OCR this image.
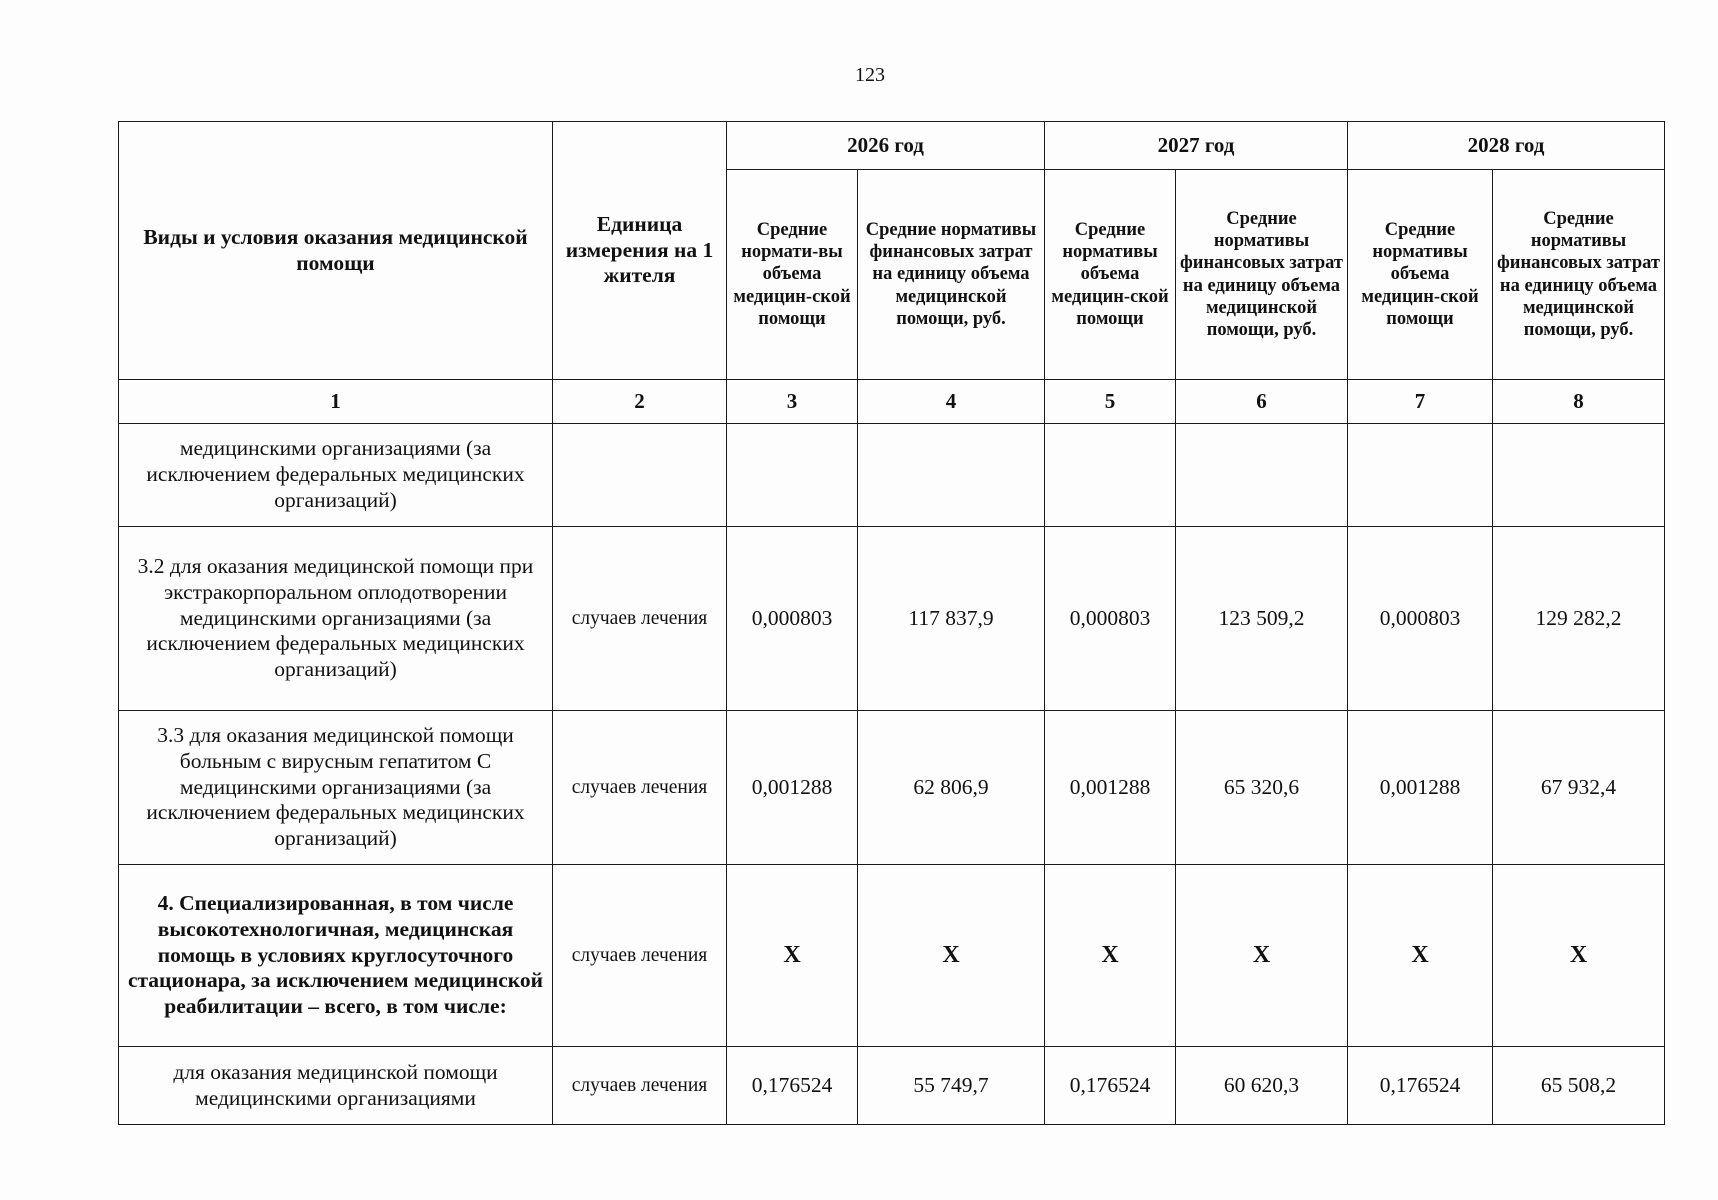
123
Виды и условия оказания медицинской помощи	Единица измерения на 1 жителя	2026 год		2027 год		2028 год	
		Средние нормати-вы объема медицин-ской помощи	Средние нормативы финансовых затрат на единицу объема медицинской помощи, руб.	Средние нормативы объема медицин-ской помощи	Средние нормативы финансовых затрат на единицу объема медицинской помощи, руб.	Средние нормативы объема медицин-ской помощи	Средние нормативы финансовых затрат на единицу объема медицинской помощи, руб.
1	2	3	4	5	6	7	8
медицинскими организациями (за исключением федеральных медицинских организаций)							
3.2 для оказания медицинской помощи при экстракорпоральном оплодотворении медицинскими организациями (за исключением федеральных медицинских организаций)	случаев лечения	0,000803	117 837,9	0,000803	123 509,2	0,000803	129 282,2
3.3 для оказания медицинской помощи больным с вирусным гепатитом С медицинскими организациями (за исключением федеральных медицинских организаций)	случаев лечения	0,001288	62 806,9	0,001288	65 320,6	0,001288	67 932,4
4. Специализированная, в том числе высокотехнологичная, медицинская помощь в условиях круглосуточного стационара, за исключением медицинской реабилитации – всего, в том числе:	случаев лечения	Х	Х	Х	Х	Х	Х
для оказания медицинской помощи медицинскими организациями	случаев лечения	0,176524	55 749,7	0,176524	60 620,3	0,176524	65 508,2
